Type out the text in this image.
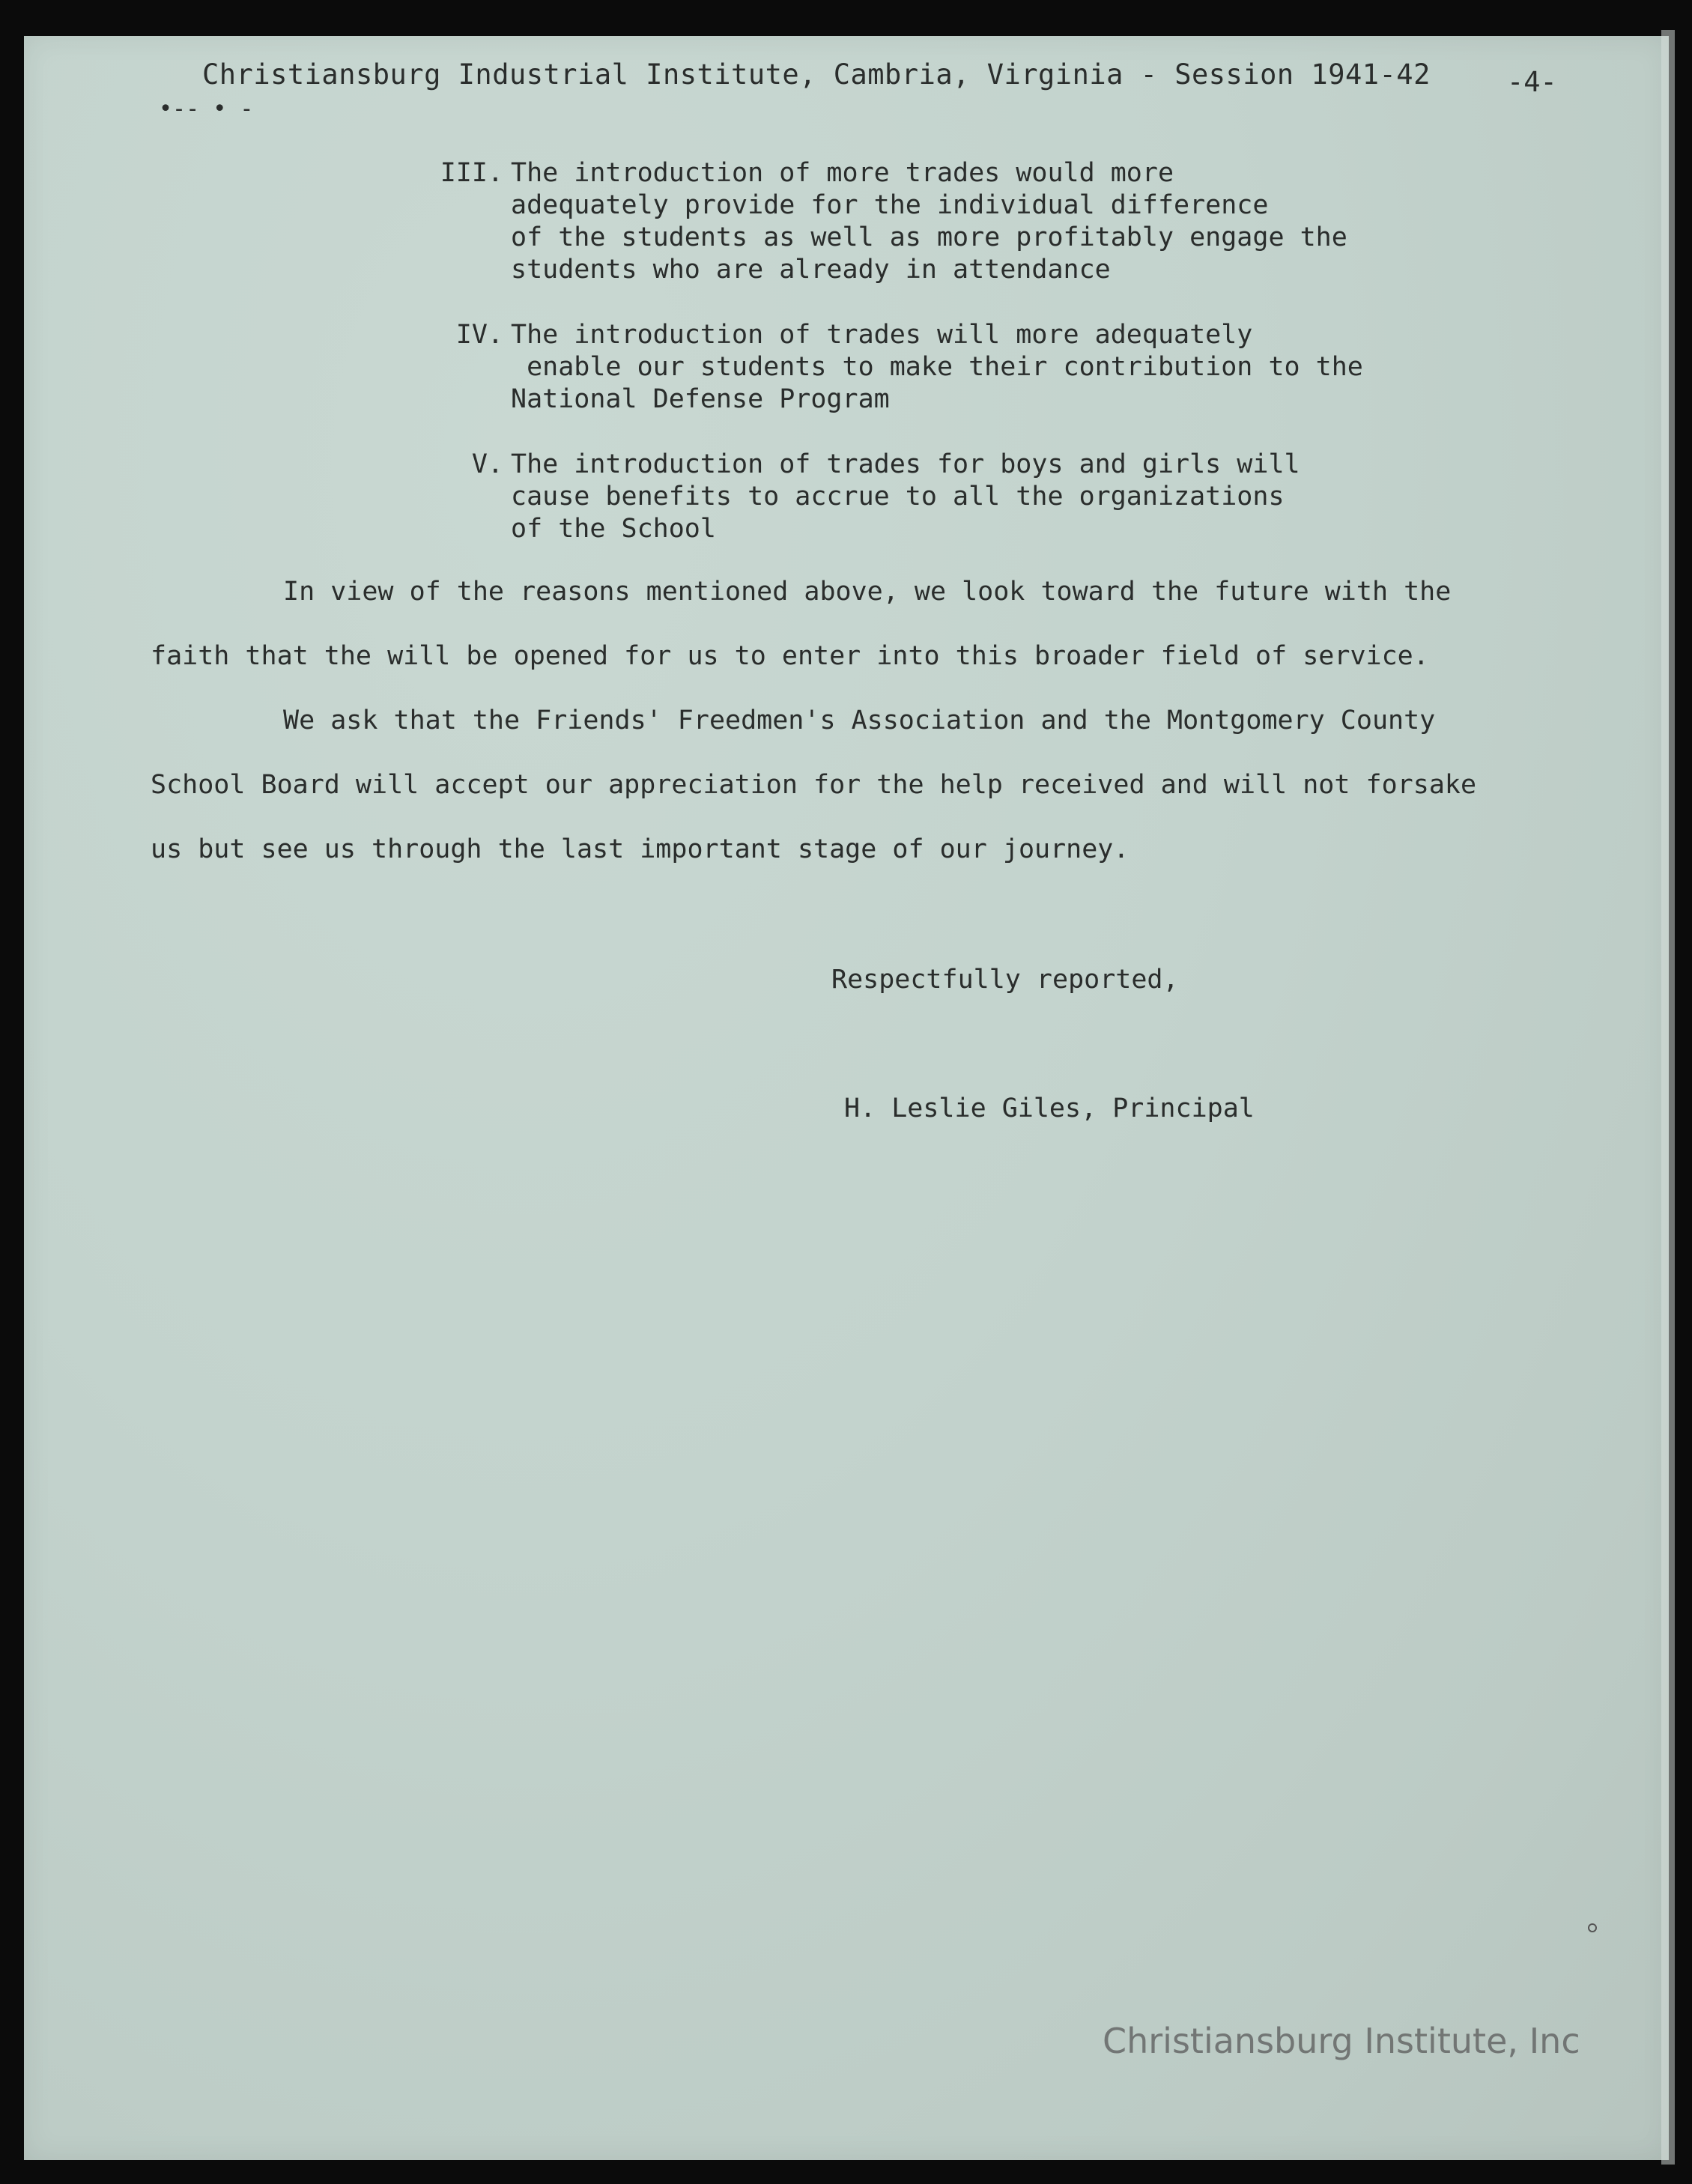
•-- • -
Christiansburg Industrial Institute, Cambria, Virginia - Session 1941-42	-4-
III. The introduction of more trades would more
adequately provide for the individual difference
of the students as well as more profitably engage the
students who are already in attendance
IV. The introduction of trades will more adequately
enable our students to make their contribution to the
National Defense Program
V. The introduction of trades for boys and girls will
cause benefits to accrue to all the organizations
of the School
In view of the reasons mentioned above, we look toward the future with the
faith that the will be opened for us to enter into this broader field of service.
We ask that the Friends' Freedmen's Association and the Montgomery County
School Board will accept our appreciation for the help received and will not forsake
us but see us through the last important stage of our journey.
Respectfully reported,
H. Leslie Giles, Principal
Christiansburg Institute, Inc
